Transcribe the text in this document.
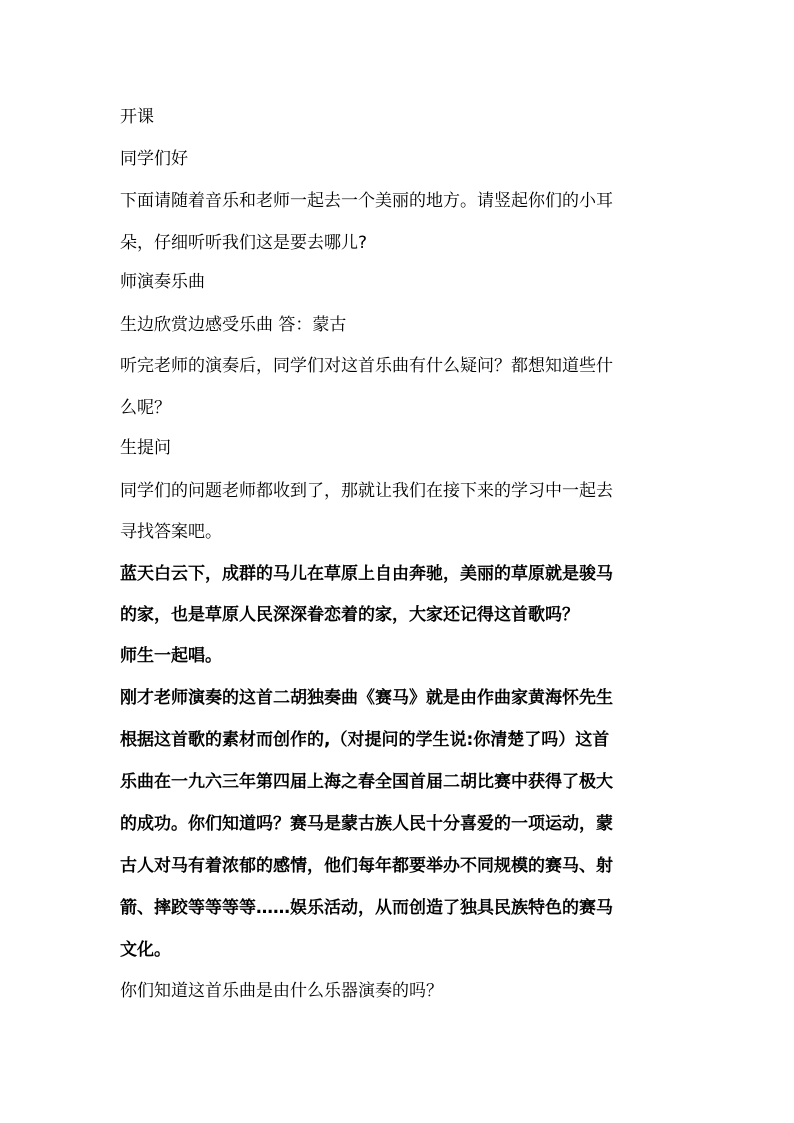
开课

同学们好

下面请随着音乐和老师一起去一个美丽的地方。请竖起你们的小耳

朵，仔细听听我们这是要去哪儿?

师演奏乐曲

生边欣赏边感受乐曲 答：蒙古

听完老师的演奏后，同学们对这首乐曲有什么疑问？都想知道些什

么呢？

生提问

同学们的问题老师都收到了，那就让我们在接下来的学习中一起去

寻找答案吧。

蓝天白云下，成群的马儿在草原上自由奔驰，美丽的草原就是骏马

的家，也是草原人民深深眷恋着的家，大家还记得这首歌吗？

师生一起唱。

刚才老师演奏的这首二胡独奏曲《赛马》就是由作曲家黄海怀先生

根据这首歌的素材而创作的,（对提问的学生说:你清楚了吗）这首

乐曲在一九六三年第四届上海之春全国首届二胡比赛中获得了极大

的成功。你们知道吗？赛马是蒙古族人民十分喜爱的一项运动，蒙

古人对马有着浓郁的感情，他们每年都要举办不同规模的赛马、射

箭、摔跤等等等等……娱乐活动，从而创造了独具民族特色的赛马

文化。

你们知道这首乐曲是由什么乐器演奏的吗？
